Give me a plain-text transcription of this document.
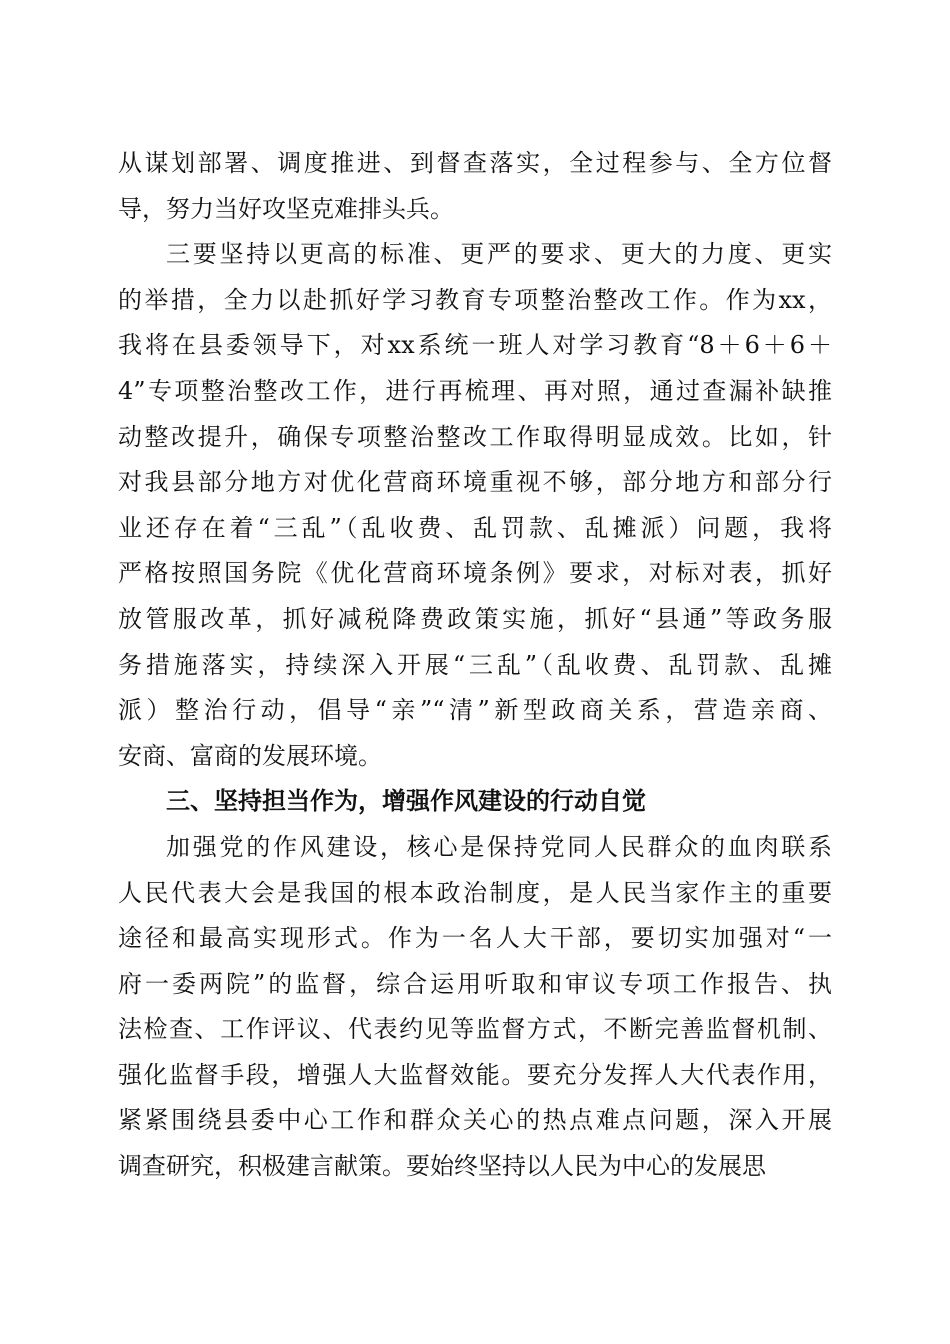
从谋划部署、调度推进、到督查落实，全过程参与、全方位督
导，努力当好攻坚克难排头兵。
三要坚持以更高的标准、更严的要求、更大的力度、更实
的举措，全力以赴抓好学习教育专项整治整改工作。作为xx，
我将在县委领导下，对xx系统一班人对学习教育“8＋6＋6＋
4”专项整治整改工作，进行再梳理、再对照，通过查漏补缺推
动整改提升，确保专项整治整改工作取得明显成效。比如，针
对我县部分地方对优化营商环境重视不够，部分地方和部分行
业还存在着“三乱”（乱收费、乱罚款、乱摊派）问题，我将
严格按照国务院《优化营商环境条例》要求，对标对表，抓好
放管服改革，抓好减税降费政策实施，抓好“县通”等政务服
务措施落实，持续深入开展“三乱”（乱收费、乱罚款、乱摊
派）整治行动，倡导“亲”“清”新型政商关系，营造亲商、
安商、富商的发展环境。
三、坚持担当作为，增强作风建设的行动自觉
加强党的作风建设，核心是保持党同人民群众的血肉联系
人民代表大会是我国的根本政治制度，是人民当家作主的重要
途径和最高实现形式。作为一名人大干部，要切实加强对“一
府一委两院”的监督，综合运用听取和审议专项工作报告、执
法检查、工作评议、代表约见等监督方式，不断完善监督机制、
强化监督手段，增强人大监督效能。要充分发挥人大代表作用，
紧紧围绕县委中心工作和群众关心的热点难点问题，深入开展
调查研究，积极建言献策。要始终坚持以人民为中心的发展思
